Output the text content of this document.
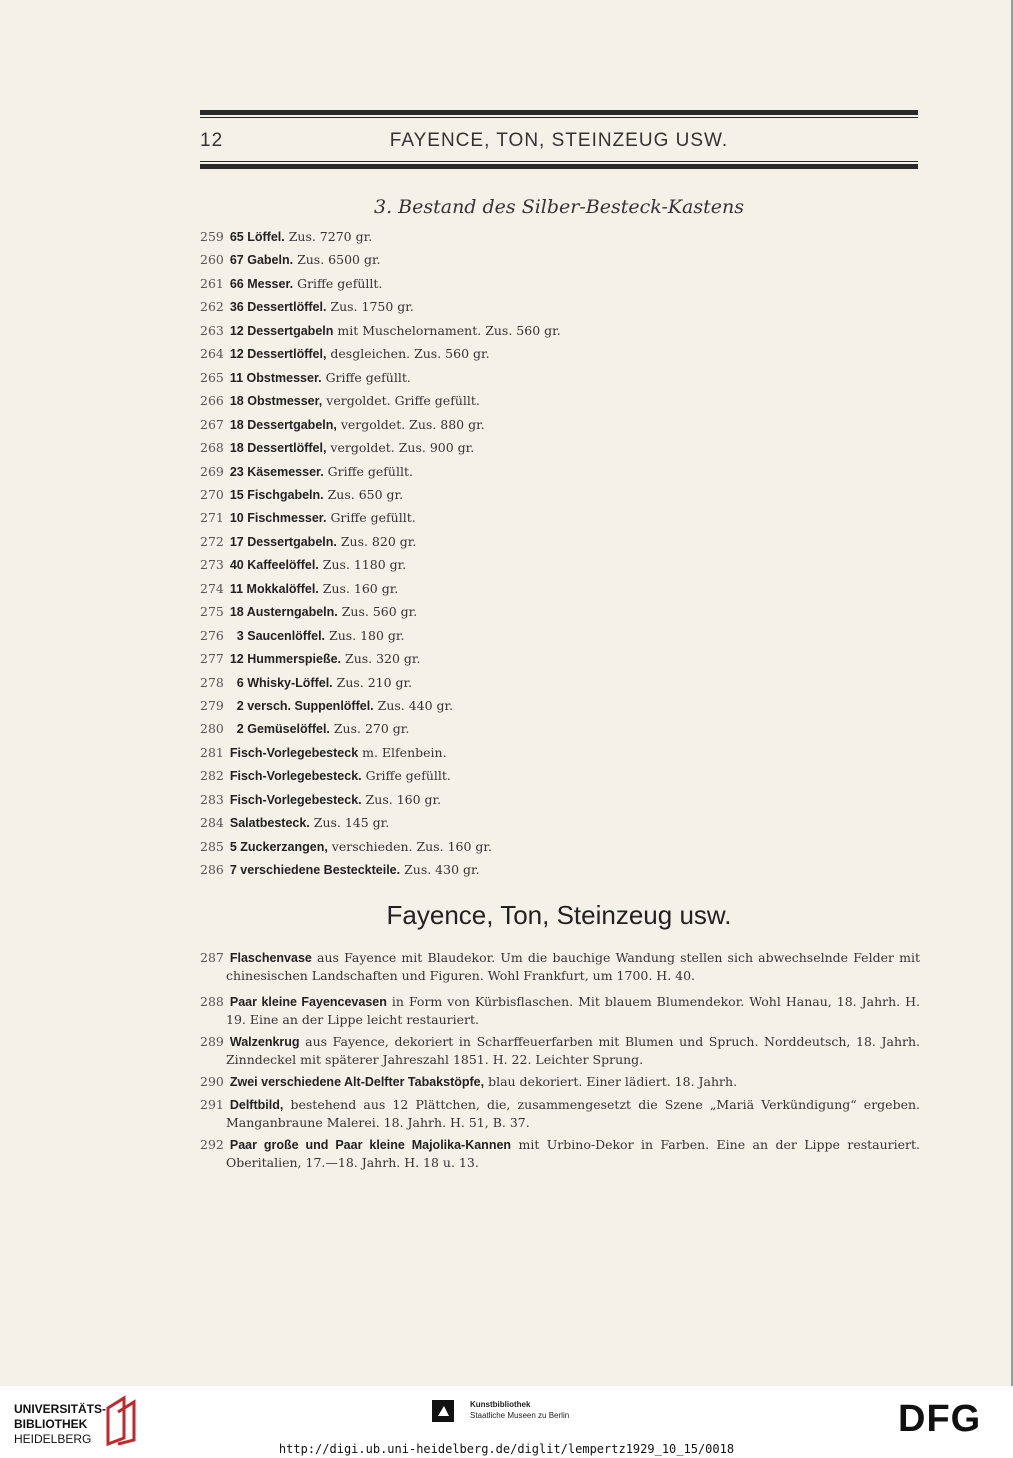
12	FAYENCE, TON, STEINZEUG USW.
3. Bestand des Silber-Besteck-Kastens
259 65 Löffel. Zus. 7270 gr.
260 67 Gabeln. Zus. 6500 gr.
261 66 Messer. Griffe gefüllt.
262 36 Dessertlöffel. Zus. 1750 gr.
263 12 Dessertgabeln mit Muschelornament. Zus. 560 gr.
264 12 Dessertlöffel, desgleichen. Zus. 560 gr.
265 11 Obstmesser. Griffe gefüllt.
266 18 Obstmesser, vergoldet. Griffe gefüllt.
267 18 Dessertgabeln, vergoldet. Zus. 880 gr.
268 18 Dessertlöffel, vergoldet. Zus. 900 gr.
269 23 Käsemesser. Griffe gefüllt.
270 15 Fischgabeln. Zus. 650 gr.
271 10 Fischmesser. Griffe gefüllt.
272 17 Dessertgabeln. Zus. 820 gr.
273 40 Kaffeelöffel. Zus. 1180 gr.
274 11 Mokkalöffel. Zus. 160 gr.
275 18 Austerngabeln. Zus. 560 gr.
276  3 Saucenlöffel. Zus. 180 gr.
277 12 Hummerspieße. Zus. 320 gr.
278  6 Whisky-Löffel. Zus. 210 gr.
279  2 versch. Suppenlöffel. Zus. 440 gr.
280  2 Gemüselöffel. Zus. 270 gr.
281 Fisch-Vorlegebesteck m. Elfenbein.
282 Fisch-Vorlegebesteck. Griffe gefüllt.
283 Fisch-Vorlegebesteck. Zus. 160 gr.
284 Salatbesteck. Zus. 145 gr.
285 5 Zuckerzangen, verschieden. Zus. 160 gr.
286 7 verschiedene Besteckteile. Zus. 430 gr.
Fayence, Ton, Steinzeug usw.
287 Flaschenvase aus Fayence mit Blaudekor. Um die bauchige Wandung stellen sich abwechselnde Felder mit chinesischen Landschaften und Figuren. Wohl Frankfurt, um 1700. H. 40.
288 Paar kleine Fayencevasen in Form von Kürbisflaschen. Mit blauem Blumendekor. Wohl Hanau, 18. Jahrh. H. 19. Eine an der Lippe leicht restauriert.
289 Walzenkrug aus Fayence, dekoriert in Scharffeuerfarben mit Blumen und Spruch. Norddeutsch, 18. Jahrh. Zinndeckel mit späterer Jahreszahl 1851. H. 22. Leichter Sprung.
290 Zwei verschiedene Alt-Delfter Tabakstöpfe, blau dekoriert. Einer lädiert. 18. Jahrh.
291 Delftbild, bestehend aus 12 Plättchen, die, zusammengesetzt die Szene „Mariä Verkündigung“ ergeben. Manganbraune Malerei. 18. Jahrh. H. 51, B. 37.
292 Paar große und Paar kleine Majolika-Kannen mit Urbino-Dekor in Farben. Eine an der Lippe restauriert. Oberitalien, 17.—18. Jahrh. H. 18 u. 13.
UNIVERSITÄTS-
BIBLIOTHEK
HEIDELBERG
Kunstbibliothek
Staatliche Museen zu Berlin	DFG
http://digi.ub.uni-heidelberg.de/diglit/lempertz1929_10_15/0018
